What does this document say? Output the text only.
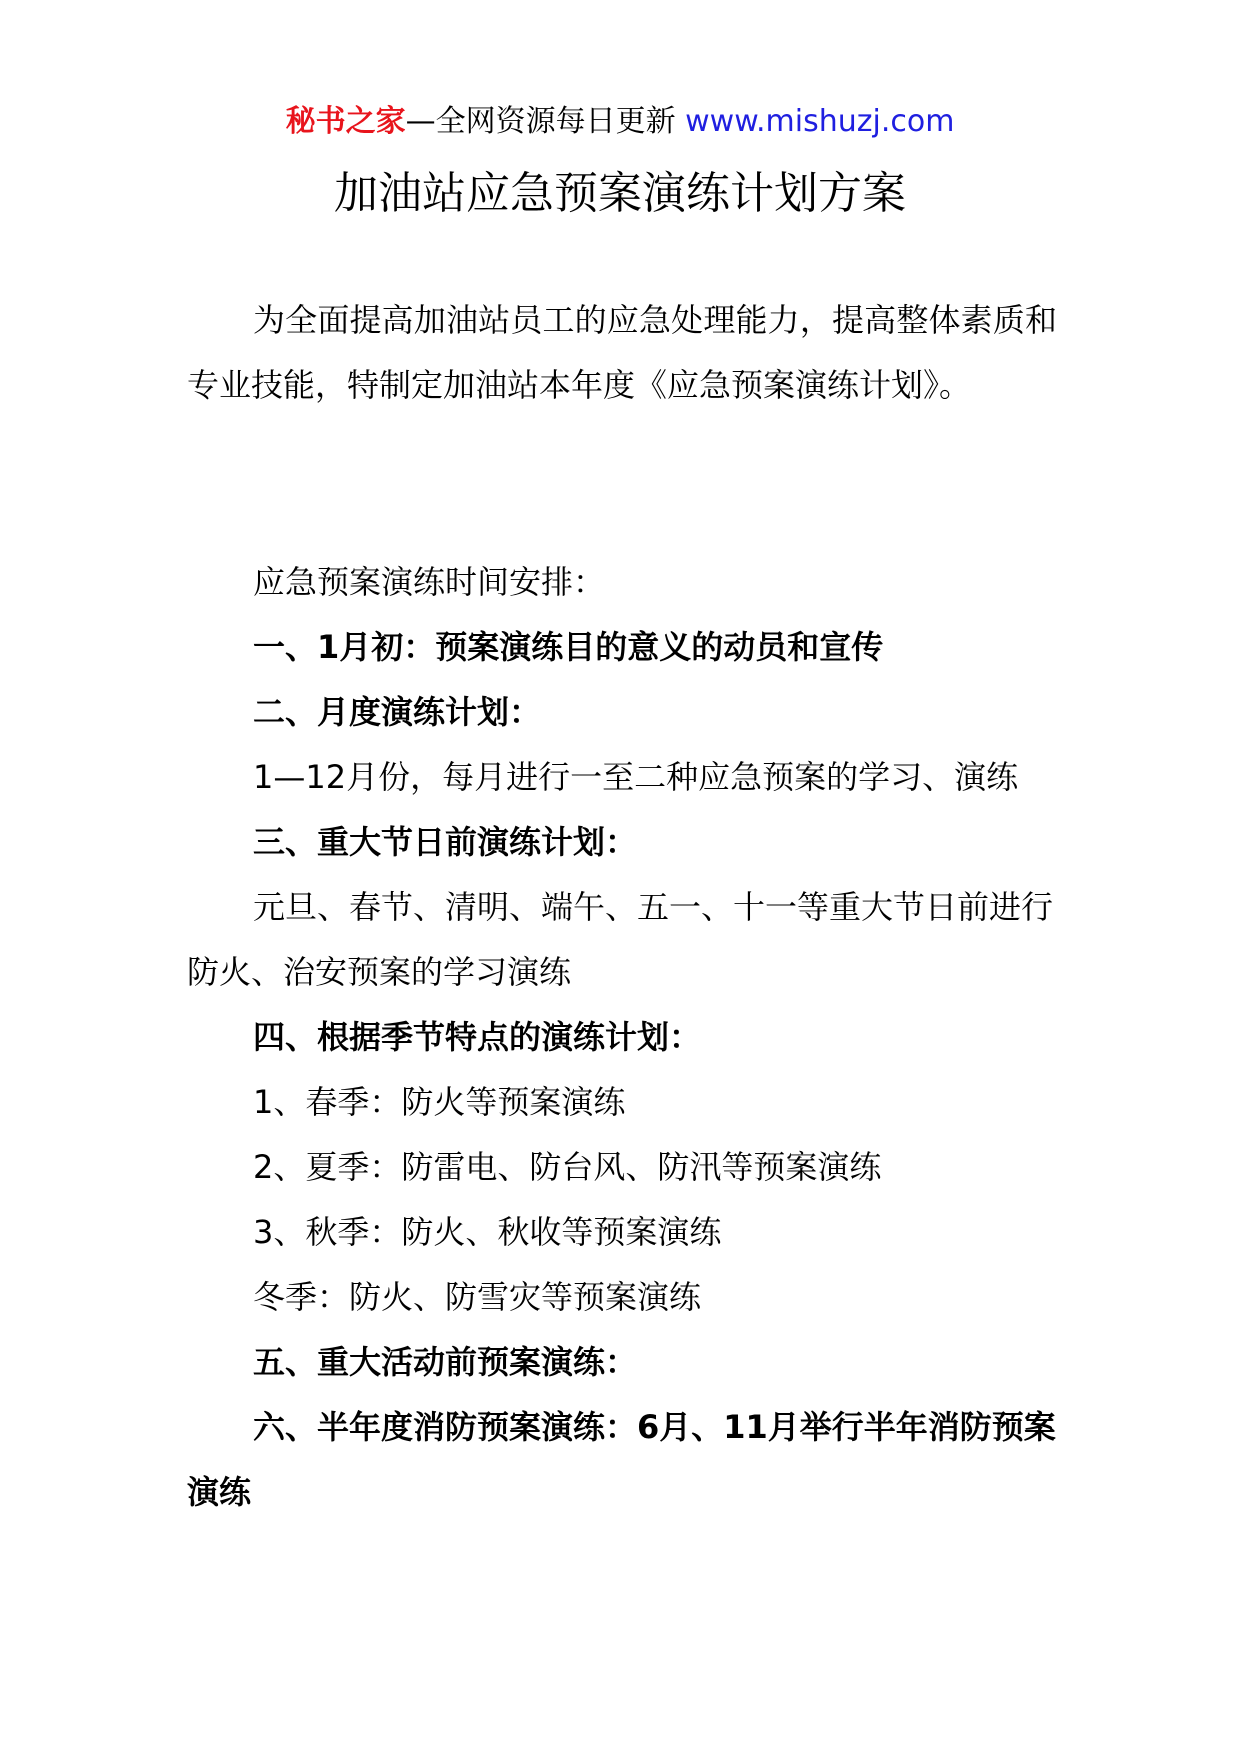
秘书之家—全网资源每日更新 www.mishuzj.com
加油站应急预案演练计划方案
为全面提高加油站员工的应急处理能力，提高整体素质和专业技能，特制定加油站本年度《应急预案演练计划》。

应急预案演练时间安排：

一、1月初：预案演练目的意义的动员和宣传

二、月度演练计划：

1—12月份，每月进行一至二种应急预案的学习、演练

三、重大节日前演练计划：

元旦、春节、清明、端午、五一、十一等重大节日前进行防火、治安预案的学习演练

四、根据季节特点的演练计划：

1、春季：防火等预案演练

2、夏季：防雷电、防台风、防汛等预案演练

3、秋季：防火、秋收等预案演练

冬季：防火、防雪灾等预案演练

五、重大活动前预案演练：

六、半年度消防预案演练：6月、11月举行半年消防预案演练
